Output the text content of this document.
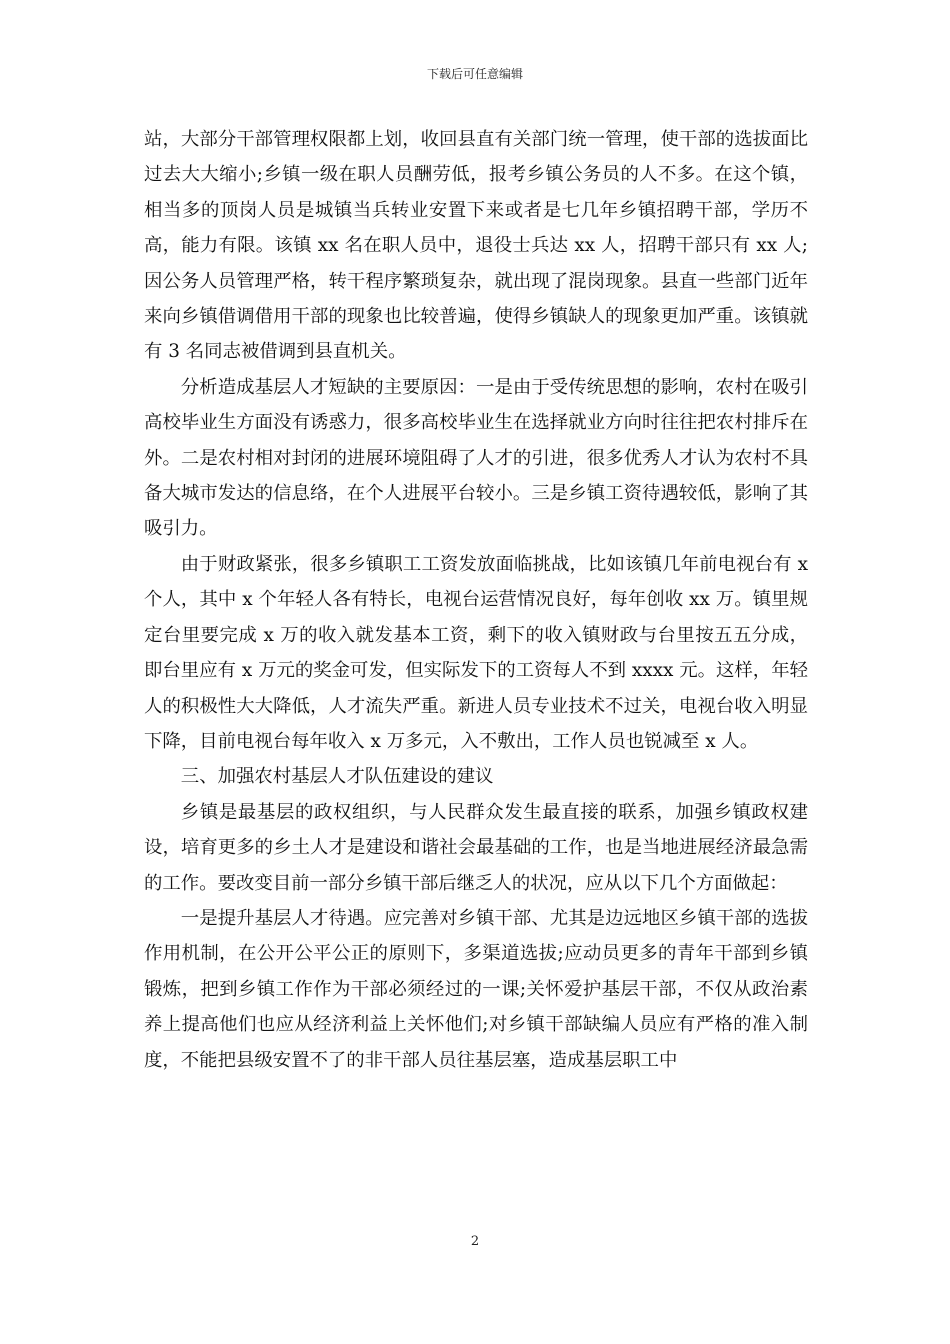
下载后可任意编辑

站，大部分干部管理权限都上划，收回县直有关部门统一管理，使干部的选拔面比过去大大缩小;乡镇一级在职人员酬劳低，报考乡镇公务员的人不多。在这个镇，相当多的顶岗人员是城镇当兵转业安置下来或者是七几年乡镇招聘干部，学历不高，能力有限。该镇 xx 名在职人员中，退役士兵达 xx 人，招聘干部只有 xx 人;因公务人员管理严格，转干程序繁琐复杂，就出现了混岗现象。县直一些部门近年来向乡镇借调借用干部的现象也比较普遍，使得乡镇缺人的现象更加严重。该镇就有 3 名同志被借调到县直机关。

分析造成基层人才短缺的主要原因：一是由于受传统思想的影响，农村在吸引高校毕业生方面没有诱惑力，很多高校毕业生在选择就业方向时往往把农村排斥在外。二是农村相对封闭的进展环境阻碍了人才的引进，很多优秀人才认为农村不具备大城市发达的信息络，在个人进展平台较小。三是乡镇工资待遇较低，影响了其吸引力。

由于财政紧张，很多乡镇职工工资发放面临挑战，比如该镇几年前电视台有 x 个人，其中 x 个年轻人各有特长，电视台运营情况良好，每年创收 xx 万。镇里规定台里要完成 x 万的收入就发基本工资，剩下的收入镇财政与台里按五五分成，即台里应有 x 万元的奖金可发，但实际发下的工资每人不到 xxxx 元。这样，年轻人的积极性大大降低，人才流失严重。新进人员专业技术不过关，电视台收入明显下降，目前电视台每年收入 x 万多元，入不敷出，工作人员也锐减至 x 人。

三、加强农村基层人才队伍建设的建议

乡镇是最基层的政权组织，与人民群众发生最直接的联系，加强乡镇政权建设，培育更多的乡土人才是建设和谐社会最基础的工作，也是当地进展经济最急需的工作。要改变目前一部分乡镇干部后继乏人的状况，应从以下几个方面做起：

一是提升基层人才待遇。应完善对乡镇干部、尤其是边远地区乡镇干部的选拔作用机制，在公开公平公正的原则下，多渠道选拔;应动员更多的青年干部到乡镇锻炼，把到乡镇工作作为干部必须经过的一课;关怀爱护基层干部，不仅从政治素养上提高他们也应从经济利益上关怀他们;对乡镇干部缺编人员应有严格的准入制度，不能把县级安置不了的非干部人员往基层塞，造成基层职工中

2
